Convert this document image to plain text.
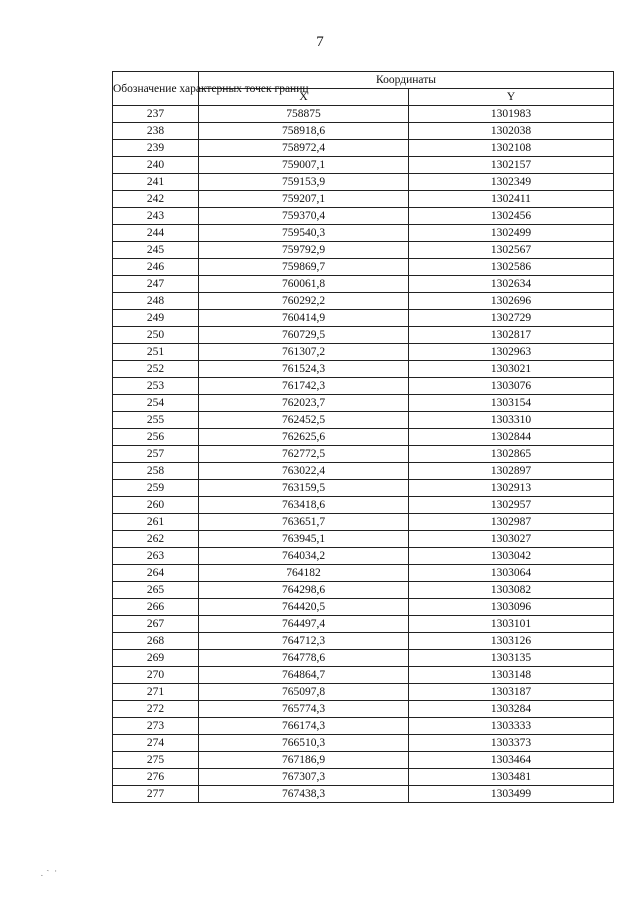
7
Обозначение характерных точек границ	Координаты	
	X	Y
237	758875	1301983
238	758918,6	1302038
239	758972,4	1302108
240	759007,1	1302157
241	759153,9	1302349
242	759207,1	1302411
243	759370,4	1302456
244	759540,3	1302499
245	759792,9	1302567
246	759869,7	1302586
247	760061,8	1302634
248	760292,2	1302696
249	760414,9	1302729
250	760729,5	1302817
251	761307,2	1302963
252	761524,3	1303021
253	761742,3	1303076
254	762023,7	1303154
255	762452,5	1303310
256	762625,6	1302844
257	762772,5	1302865
258	763022,4	1302897
259	763159,5	1302913
260	763418,6	1302957
261	763651,7	1302987
262	763945,1	1303027
263	764034,2	1303042
264	764182	1303064
265	764298,6	1303082
266	764420,5	1303096
267	764497,4	1303101
268	764712,3	1303126
269	764778,6	1303135
270	764864,7	1303148
271	765097,8	1303187
272	765774,3	1303284
273	766174,3	1303333
274	766510,3	1303373
275	767186,9	1303464
276	767307,3	1303481
277	767438,3	1303499
· ` ·
